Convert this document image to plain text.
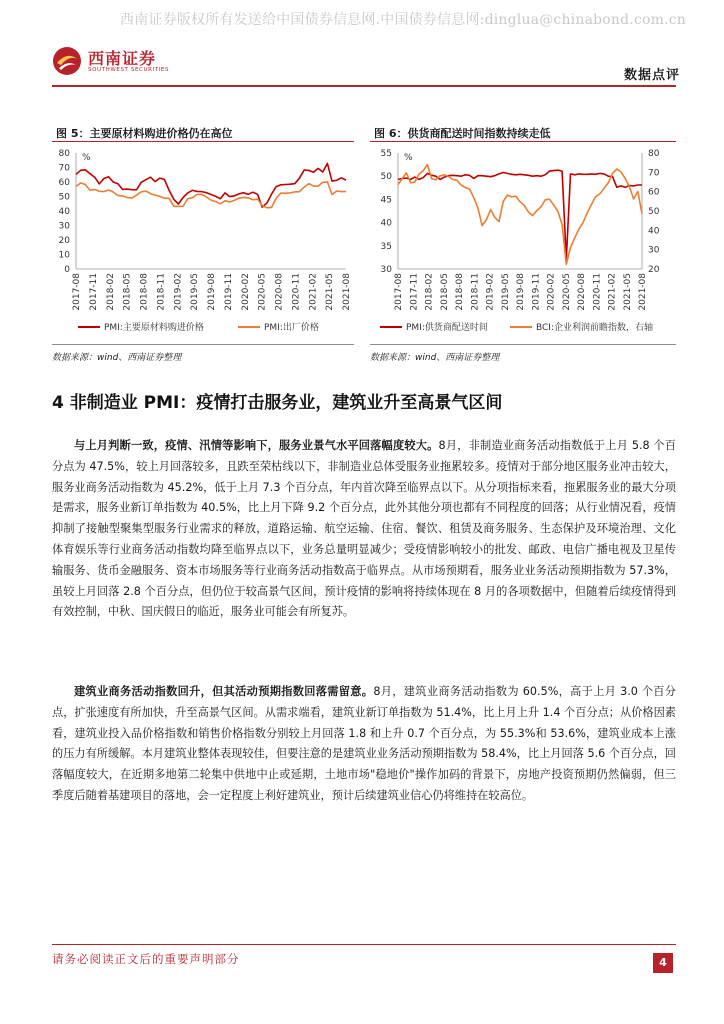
西南证券版权所有发送给中国债券信息网.中国债券信息网:dinglua@chinabond.com.cn
西南证券
SOUTHWEST SECURITIES	数据点评
图 5：主要原材料购进价格仍在高位
0
10
20
30
40
50
60
70
80 %
2017-08 2017-11 2018-02 2018-05 2018-08 2018-11 2019-02 2019-05 2019-08 2019-11 2020-02 2020-05 2020-08 2020-11 2021-02 2021-05 2021-08
PMI:主要原材料购进价格	PMI:出厂价格
数据来源：wind、西南证券整理
图 6：供货商配送时间指数持续走低
30
35
40
45
50
55
20
30
40
50
60
70
80
%
2017-08 2017-11 2018-02 2018-05 2018-08 2018-11 2019-02 2019-05 2019-08 2019-11 2020-02 2020-05 2020-08 2020-11 2021-02 2021-05 2021-08
PMI:供货商配送时间	BCI:企业利润前瞻指数，右轴
数据来源：wind、西南证券整理
4 非制造业 PMI：疫情打击服务业，建筑业升至高景气区间
与上月判断一致，疫情、汛情等影响下，服务业景气水平回落幅度较大。8月，非制造业商务活动指数低于上月 5.8 个百分点为 47.5%，较上月回落较多，且跌至荣枯线以下，非制造业总体受服务业拖累较多。疫情对于部分地区服务业冲击较大，服务业商务活动指数为 45.2%，低于上月 7.3 个百分点，年内首次降至临界点以下。从分项指标来看，拖累服务业的最大分项是需求，服务业新订单指数为 40.5%，比上月下降 9.2 个百分点，此外其他分项也都有不同程度的回落；从行业情况看，疫情抑制了接触型聚集型服务行业需求的释放，道路运输、航空运输、住宿、餐饮、租赁及商务服务、生态保护及环境治理、文化体育娱乐等行业商务活动指数均降至临界点以下，业务总量明显减少；受疫情影响较小的批发、邮政、电信广播电视及卫星传输服务、货币金融服务、资本市场服务等行业商务活动指数高于临界点。从市场预期看，服务业业务活动预期指数为 57.3%，虽较上月回落 2.8 个百分点，但仍位于较高景气区间，预计疫情的影响将持续体现在 8 月的各项数据中，但随着后续疫情得到有效控制，中秋、国庆假日的临近，服务业可能会有所复苏。
建筑业商务活动指数回升，但其活动预期指数回落需留意。8月，建筑业商务活动指数为 60.5%，高于上月 3.0 个百分点，扩张速度有所加快，升至高景气区间。从需求端看，建筑业新订单指数为 51.4%，比上月上升 1.4 个百分点；从价格因素看，建筑业投入品价格指数和销售价格指数分别较上月回落 1.8 和上升 0.7 个百分点，为 55.3%和 53.6%，建筑业成本上涨的压力有所缓解。本月建筑业整体表现较佳，但要注意的是建筑业业务活动预期指数为 58.4%，比上月回落 5.6 个百分点，回落幅度较大，在近期多地第二轮集中供地中止或延期，土地市场"稳地价"操作加码的背景下，房地产投资预期仍然偏弱，但三季度后随着基建项目的落地，会一定程度上利好建筑业，预计后续建筑业信心仍将维持在较高位。
请务必阅读正文后的重要声明部分	4
